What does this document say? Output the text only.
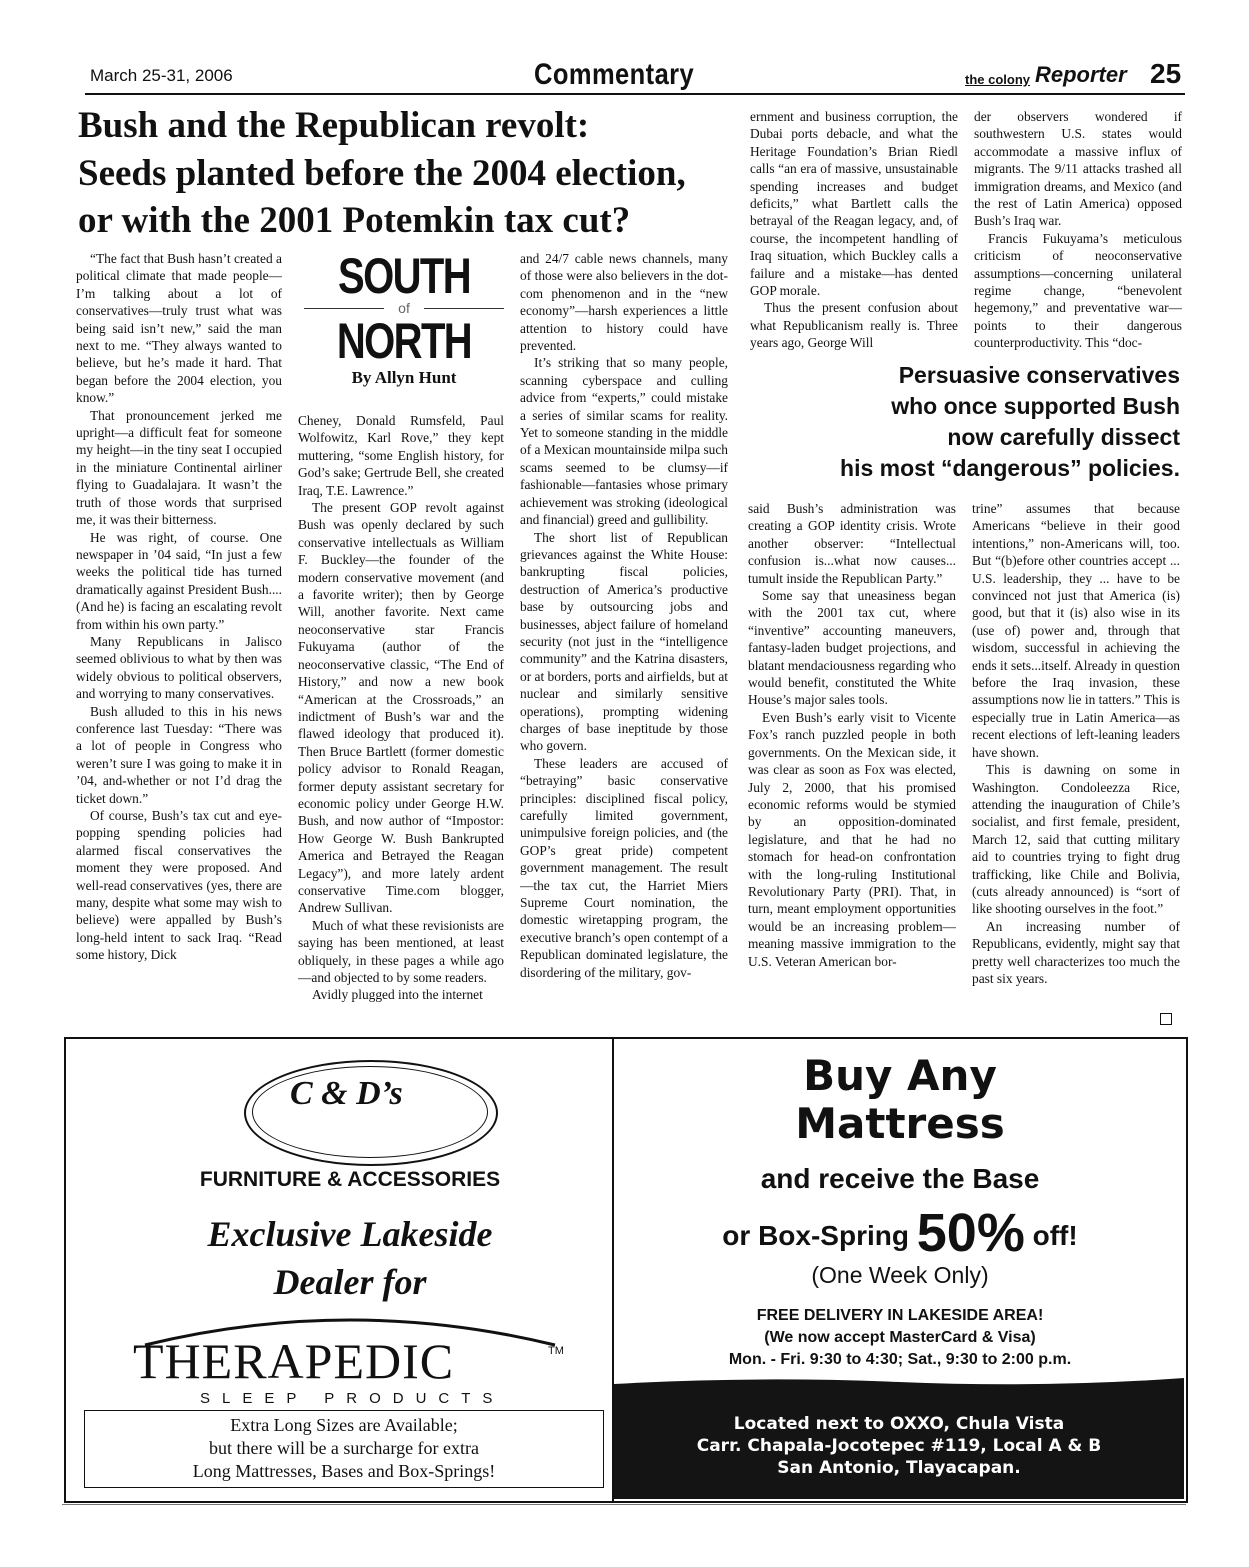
March 25-31, 2006	Commentary	the colony Reporter 25
Bush and the Republican revolt:
Seeds planted before the 2004 election,
or with the 2001 Potemkin tax cut?
SOUTH
of
NORTH
By Allyn Hunt

“The fact that Bush hasn’t created a political climate that made people—I’m talking about a lot of conservatives—truly trust what was being said isn’t new,” said the man next to me. “They always wanted to believe, but he’s made it hard. That began before the 2004 election, you know.”

That pronouncement jerked me upright—a difficult feat for someone my height—in the tiny seat I occupied in the miniature Continental airliner flying to Guadalajara. It wasn’t the truth of those words that surprised me, it was their bitterness.

He was right, of course. One newspaper in ’04 said, “In just a few weeks the political tide has turned dramatically against President Bush.... (And he) is facing an escalating revolt from within his own party.”

Many Republicans in Jalisco seemed oblivious to what by then was widely obvious to political observers, and worrying to many conservatives.

Bush alluded to this in his news conference last Tuesday: “There was a lot of people in Congress who weren’t sure I was going to make it in ’04, and-whether or not I’d drag the ticket down.”

Of course, Bush’s tax cut and eye-popping spending policies had alarmed fiscal conservatives the moment they were proposed. And well-read conservatives (yes, there are many, despite what some may wish to believe) were appalled by Bush’s long-held intent to sack Iraq. “Read some history, Dick

Cheney, Donald Rumsfeld, Paul Wolfowitz, Karl Rove,” they kept muttering, “some English history, for God’s sake; Gertrude Bell, she created Iraq, T.E. Lawrence.”

The present GOP revolt against Bush was openly declared by such conservative intellectuals as William F. Buckley—the founder of the modern conservative movement (and a favorite writer); then by George Will, another favorite. Next came neoconservative star Francis Fukuyama (author of the neoconservative classic, “The End of History,” and now a new book “American at the Crossroads,” an indictment of Bush’s war and the flawed ideology that produced it). Then Bruce Bartlett (former domestic policy advisor to Ronald Reagan, former deputy assistant secretary for economic policy under George H.W. Bush, and now author of “Impostor: How George W. Bush Bankrupted America and Betrayed the Reagan Legacy”), and more lately ardent conservative Time.com blogger, Andrew Sullivan.

Much of what these revisionists are saying has been mentioned, at least obliquely, in these pages a while ago—and objected to by some readers.

Avidly plugged into the internet

and 24/7 cable news channels, many of those were also believers in the dot-com phenomenon and in the “new economy”—harsh experiences a little attention to history could have prevented.

It’s striking that so many people, scanning cyberspace and culling advice from “experts,” could mistake a series of similar scams for reality. Yet to someone standing in the middle of a Mexican mountainside milpa such scams seemed to be clumsy—if fashionable—fantasies whose primary achievement was stroking (ideological and financial) greed and gullibility.

The short list of Republican grievances against the White House: bankrupting fiscal policies, destruction of America’s productive base by outsourcing jobs and businesses, abject failure of homeland security (not just in the “intelligence community” and the Katrina disasters, or at borders, ports and airfields, but at nuclear and similarly sensitive operations), prompting widening charges of base ineptitude by those who govern.

These leaders are accused of “betraying” basic conservative principles: disciplined fiscal policy, carefully limited government, unimpulsive foreign policies, and (the GOP’s great pride) competent government management. The result—the tax cut, the Harriet Miers Supreme Court nomination, the domestic wiretapping program, the executive branch’s open contempt of a Republican dominated legislature, the disordering of the military, gov-

ernment and business corruption, the Dubai ports debacle, and what the Heritage Foundation’s Brian Riedl calls “an era of massive, unsustainable spending increases and budget deficits,” what Bartlett calls the betrayal of the Reagan legacy, and, of course, the incompetent handling of Iraq situation, which Buckley calls a failure and a mistake—has dented GOP morale.

Thus the present confusion about what Republicanism really is. Three years ago, George Will

der observers wondered if southwestern U.S. states would accommodate a massive influx of migrants. The 9/11 attacks trashed all immigration dreams, and Mexico (and the rest of Latin America) opposed Bush’s Iraq war.

Francis Fukuyama’s meticulous criticism of neoconservative assumptions—concerning unilateral regime change, “benevolent hegemony,” and preventative war—points to their dangerous counterproductivity. This “doc-

Persuasive conservatives
who once supported Bush
now carefully dissect
his most “dangerous” policies.

said Bush’s administration was creating a GOP identity crisis. Wrote another observer: “Intellectual confusion is...what now causes... tumult inside the Republican Party.”

Some say that uneasiness began with the 2001 tax cut, where “inventive” accounting maneuvers, fantasy-laden budget projections, and blatant mendaciousness regarding who would benefit, constituted the White House’s major sales tools.

Even Bush’s early visit to Vicente Fox’s ranch puzzled people in both governments. On the Mexican side, it was clear as soon as Fox was elected, July 2, 2000, that his promised economic reforms would be stymied by an opposition-dominated legislature, and that he had no stomach for head-on confrontation with the long-ruling Institutional Revolutionary Party (PRI). That, in turn, meant employment opportunities would be an increasing problem—meaning massive immigration to the U.S. Veteran American bor-

trine” assumes that because Americans “believe in their good intentions,” non-Americans will, too. But “(b)efore other countries accept ... U.S. leadership, they ... have to be convinced not just that America (is) good, but that it (is) also wise in its (use of) power and, through that wisdom, successful in achieving the ends it sets...itself. Already in question before the Iraq invasion, these assumptions now lie in tatters.” This is especially true in Latin America—as recent elections of left-leaning leaders have shown.

This is dawning on some in Washington. Condoleezza Rice, attending the inauguration of Chile’s socialist, and first female, president, March 12, said that cutting military aid to countries trying to fight drug trafficking, like Chile and Bolivia, (cuts already announced) is “sort of like shooting ourselves in the foot.”

An increasing number of Republicans, evidently, might say that pretty well characterizes too much the past six years.

C & D’s
FURNITURE & ACCESSORIES
Exclusive Lakeside
Dealer for
THERAPEDIC	TM
SLEEP PRODUCTS
Extra Long Sizes are Available;
but there will be a surcharge for extra
Long Mattresses, Bases and Box-Springs!
Buy Any
Mattress
and receive the Base
or Box-Spring 50% off!
(One Week Only)
FREE DELIVERY IN LAKESIDE AREA!
(We now accept MasterCard & Visa)
Mon. - Fri. 9:30 to 4:30; Sat., 9:30 to 2:00 p.m.
Located next to OXXO, Chula Vista
Carr. Chapala-Jocotepec #119, Local A & B
San Antonio, Tlayacapan.
